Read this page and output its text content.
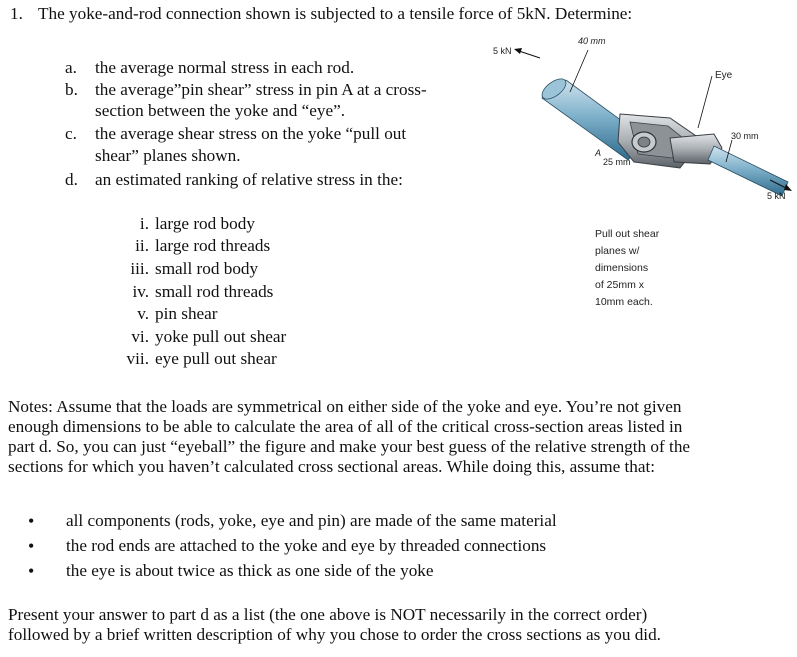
1. The yoke-and-rod connection shown is subjected to a tensile force of 5kN. Determine:
a.	the average normal stress in each rod.
b. the average”pin shear” stress in pin A at a cross-
section between the yoke and “eye”.
c.	the average shear stress on the yoke “pull out
shear” planes shown.
d. an estimated ranking of relative stress in the:
i. large rod body
ii. large rod threads
iii. small rod body
iv. small rod threads
v. pin shear
vi. yoke pull out shear
vii. eye pull out shear
5 kN
40 mm
Eye
30 mm
A
25 mm
5 kN
Pull out shear
planes w/
dimensions
of 25mm x
10mm each.
Notes: Assume that the loads are symmetrical on either side of the yoke and eye. You’re not given
enough dimensions to be able to calculate the area of all of the critical cross-section areas listed in
part d. So, you can just “eyeball” the figure and make your best guess of the relative strength of the
sections for which you haven’t calculated cross sectional areas. While doing this, assume that:
• all components (rods, yoke, eye and pin) are made of the same material
• the rod ends are attached to the yoke and eye by threaded connections
• the eye is about twice as thick as one side of the yoke
Present your answer to part d as a list (the one above is NOT necessarily in the correct order)
followed by a brief written description of why you chose to order the cross sections as you did.
